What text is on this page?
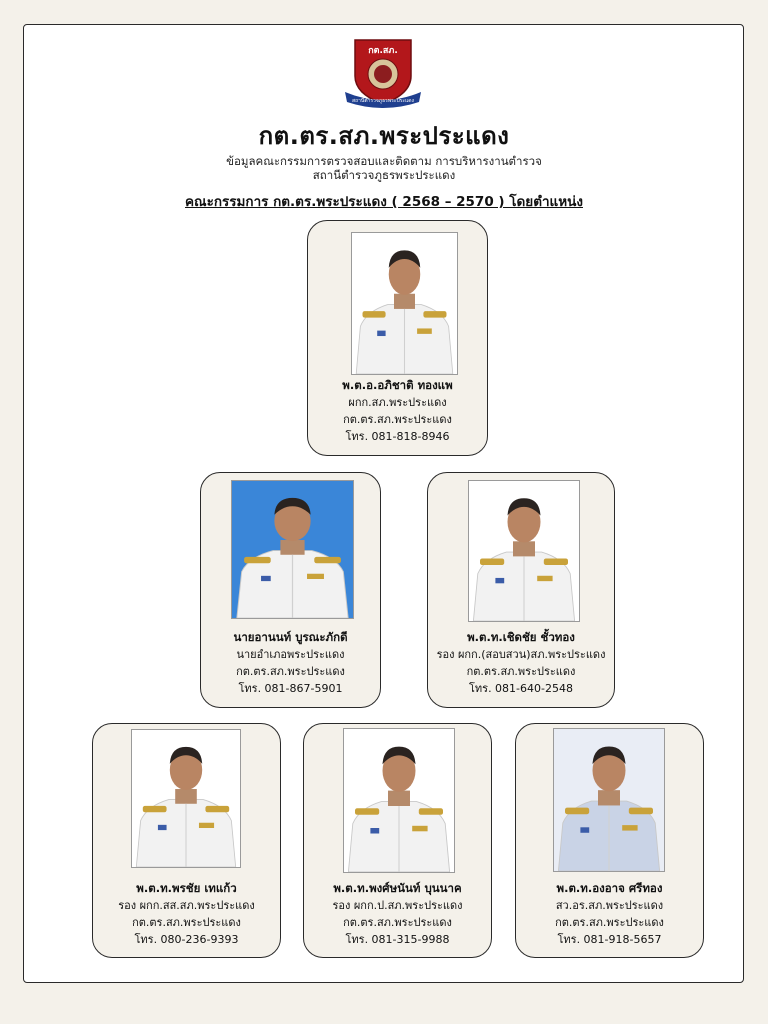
กต.สภ.
สถานีตำรวจภูธรพระประแดง
กต.ตร.สภ.พระประแดง
ข้อมูลคณะกรรมการตรวจสอบและติดตาม การบริหารงานตำรวจ
สถานีตำรวจภูธรพระประแดง
คณะกรรมการ กต.ตร.พระประแดง ( 2568 – 2570 ) โดยตำแหน่ง
พ.ต.อ.อภิชาติ ทองแพ
ผกก.สภ.พระประแดง
กต.ตร.สภ.พระประแดง
โทร. 081-818-8946
นายอานนท์ บูรณะภักดี
นายอำเภอพระประแดง
กต.ตร.สภ.พระประแดง
โทร. 081-867-5901
พ.ต.ท.เชิดชัย ชั้วทอง
รอง ผกก.(สอบสวน)สภ.พระประแดง
กต.ตร.สภ.พระประแดง
โทร. 081-640-2548
พ.ต.ท.พรชัย เทแก้ว
รอง ผกก.สส.สภ.พระประแดง
กต.ตร.สภ.พระประแดง
โทร. 080-236-9393
พ.ต.ท.พงศ์ษนันท์ บุนนาค
รอง ผกก.ป.สภ.พระประแดง
กต.ตร.สภ.พระประแดง
โทร. 081-315-9988
พ.ต.ท.องอาจ ศรีทอง
สว.อร.สภ.พระประแดง
กต.ตร.สภ.พระประแดง
โทร. 081-918-5657
